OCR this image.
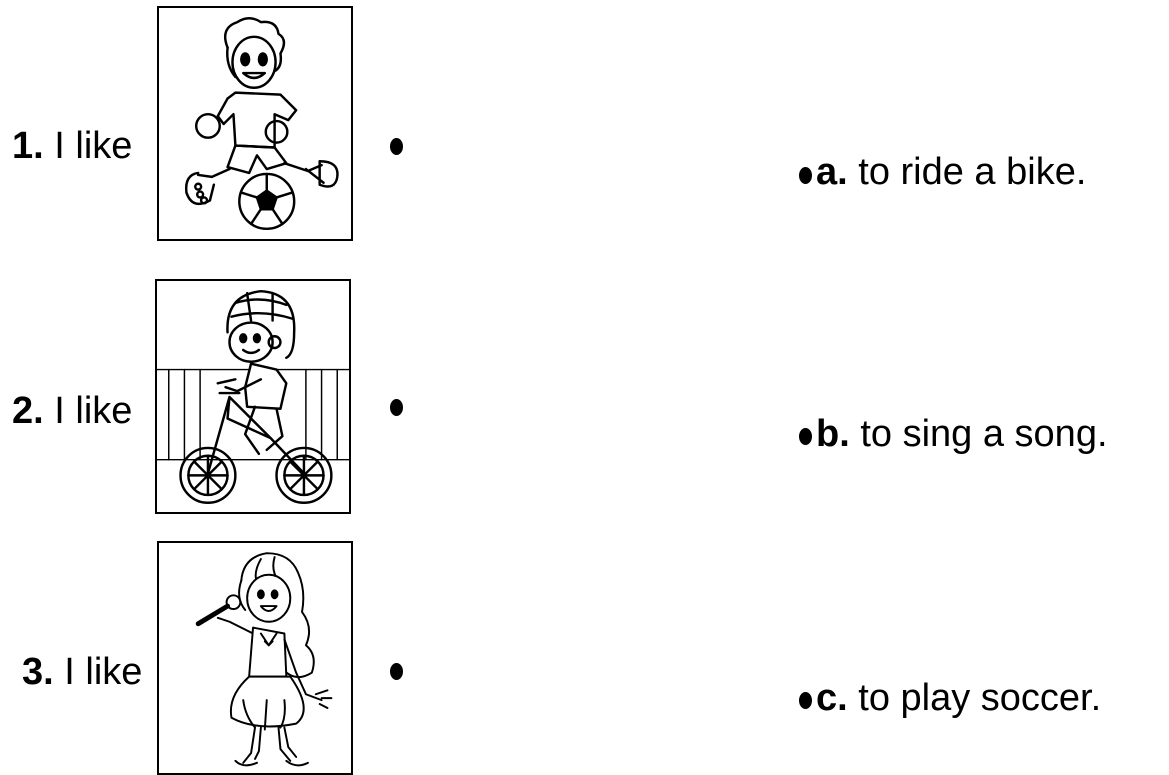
1. I like
2. I like
3. I like
a. to ride a bike.
b. to sing a song.
c. to play soccer.
